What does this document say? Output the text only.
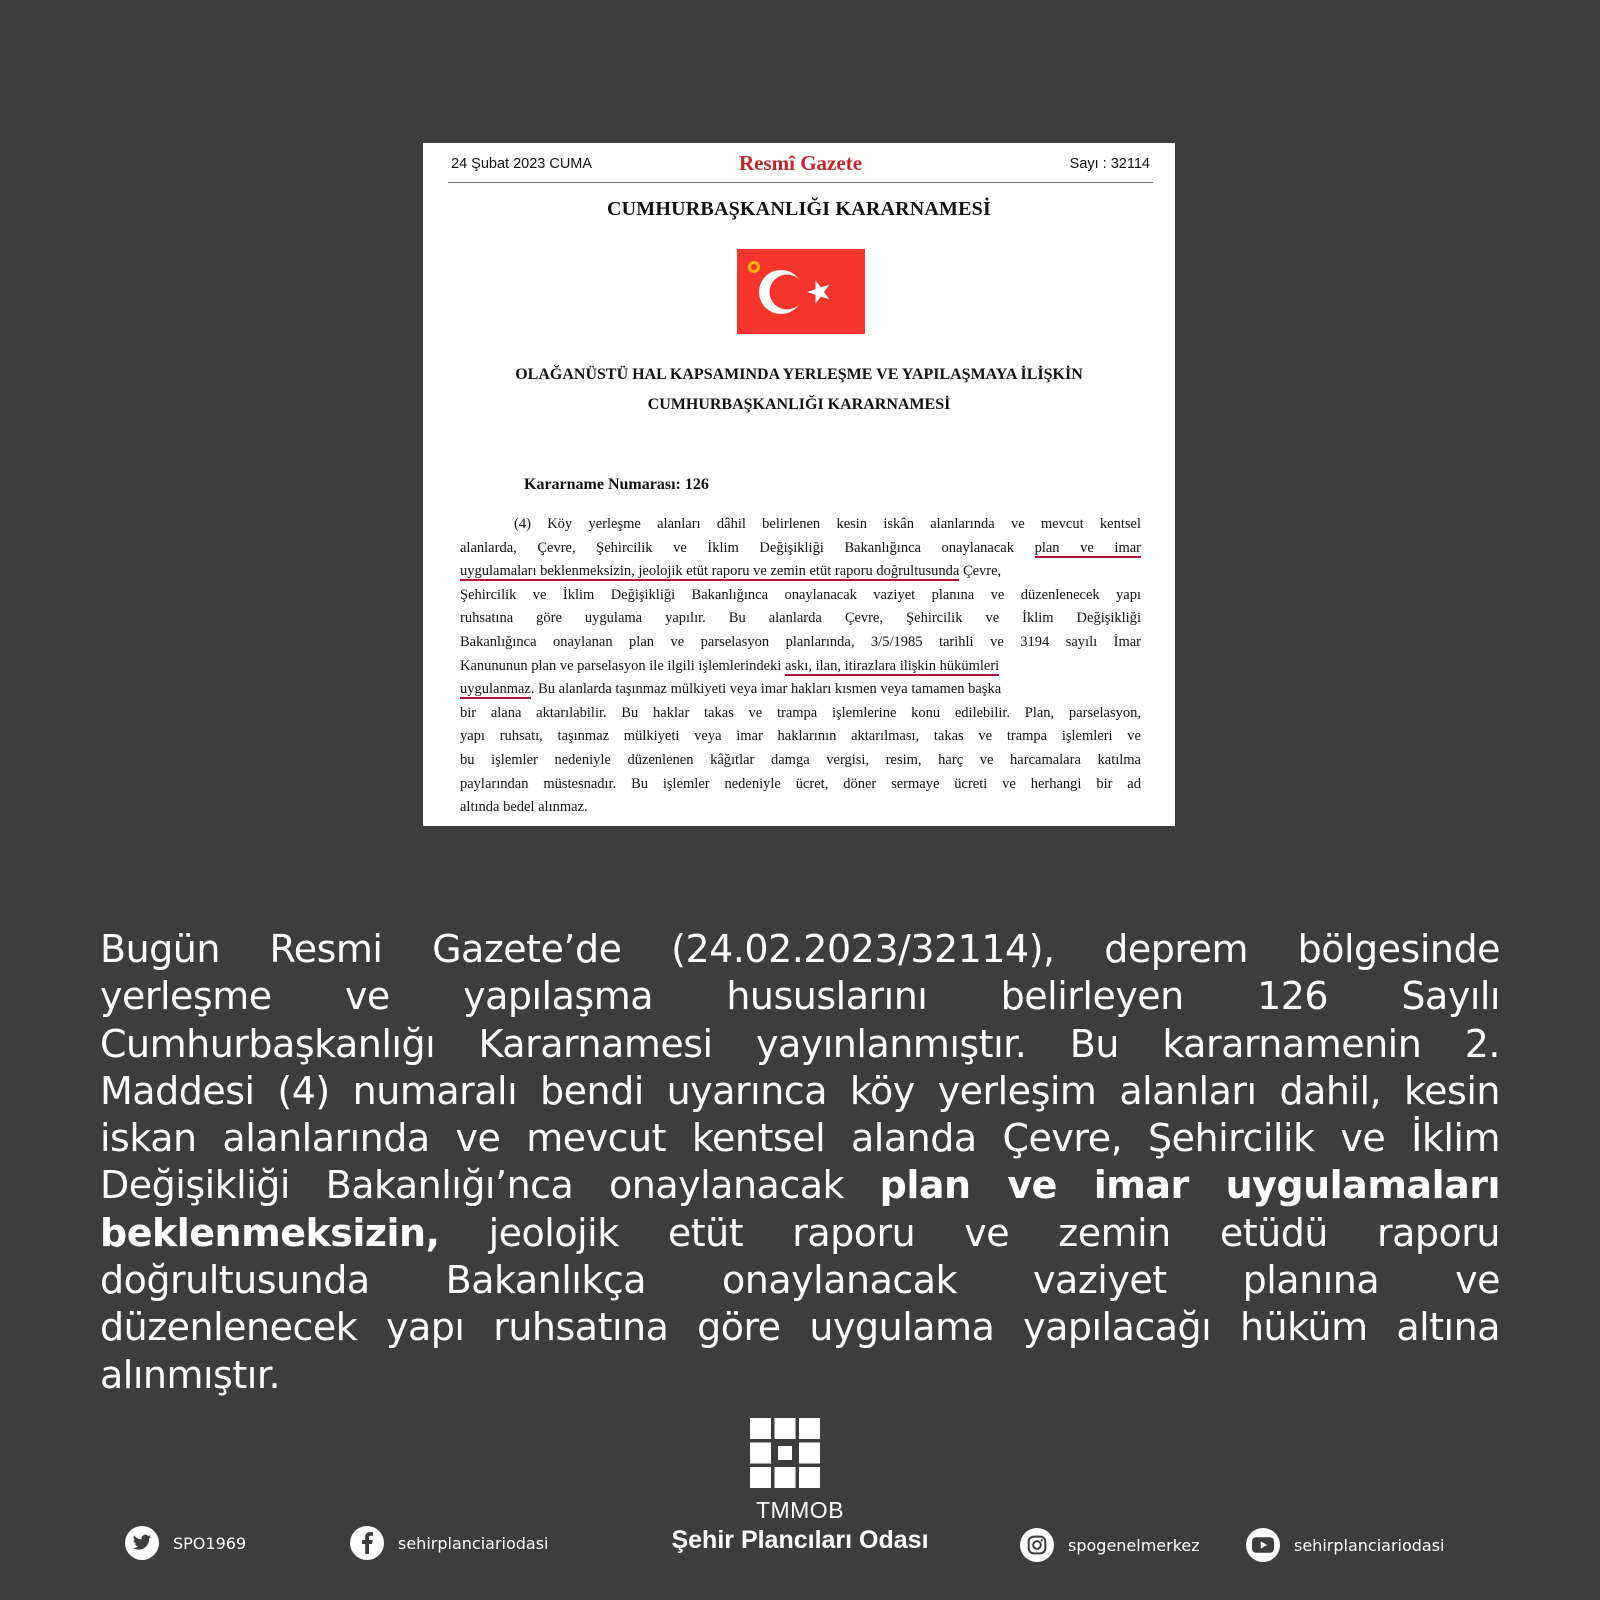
24 Şubat 2023 CUMA	Resmî Gazete	Sayı : 32114
CUMHURBAŞKANLIĞI KARARNAMESİ
OLAĞANÜSTÜ HAL KAPSAMINDA YERLEŞME VE YAPILAŞMAYA İLİŞKİN
CUMHURBAŞKANLIĞI KARARNAMESİ
Kararname Numarası: 126
(4) Köy yerleşme alanları dâhil belirlenen kesin iskân alanlarında ve mevcut kentsel
alanlarda, Çevre, Şehircilik ve İklim Değişikliği Bakanlığınca onaylanacak plan ve imar
uygulamaları beklenmeksizin, jeolojik etüt raporu ve zemin etüt raporu doğrultusunda Çevre,
Şehircilik ve İklim Değişikliği Bakanlığınca onaylanacak vaziyet planına ve düzenlenecek yapı
ruhsatına göre uygulama yapılır. Bu alanlarda Çevre, Şehircilik ve İklim Değişikliği
Bakanlığınca onaylanan plan ve parselasyon planlarında, 3/5/1985 tarihli ve 3194 sayılı İmar
Kanununun plan ve parselasyon ile ilgili işlemlerindeki askı, ilan, itirazlara ilişkin hükümleri
uygulanmaz. Bu alanlarda taşınmaz mülkiyeti veya imar hakları kısmen veya tamamen başka
bir alana aktarılabilir. Bu haklar takas ve trampa işlemlerine konu edilebilir. Plan, parselasyon,
yapı ruhsatı, taşınmaz mülkiyeti veya imar haklarının aktarılması, takas ve trampa işlemleri ve
bu işlemler nedeniyle düzenlenen kâğıtlar damga vergisi, resim, harç ve harcamalara katılma
paylarından müstesnadır. Bu işlemler nedeniyle ücret, döner sermaye ücreti ve herhangi bir ad
altında bedel alınmaz.
Bugün Resmi Gazete’de (24.02.2023/32114), deprem bölgesinde
yerleşme ve yapılaşma hususlarını belirleyen 126 Sayılı
Cumhurbaşkanlığı Kararnamesi yayınlanmıştır. Bu kararnamenin 2.
Maddesi (4) numaralı bendi uyarınca köy yerleşim alanları dahil, kesin
iskan alanlarında ve mevcut kentsel alanda Çevre, Şehircilik ve İklim
Değişikliği Bakanlığı’nca onaylanacak plan ve imar uygulamaları
beklenmeksizin, jeolojik etüt raporu ve zemin etüdü raporu
doğrultusunda Bakanlıkça onaylanacak vaziyet planına ve
düzenlenecek yapı ruhsatına göre uygulama yapılacağı hüküm altına
alınmıştır.
TMMOB
Şehir Plancıları Odası
SPO1969	sehirplanciariodasi	spogenelmerkez	sehirplanciariodasi
